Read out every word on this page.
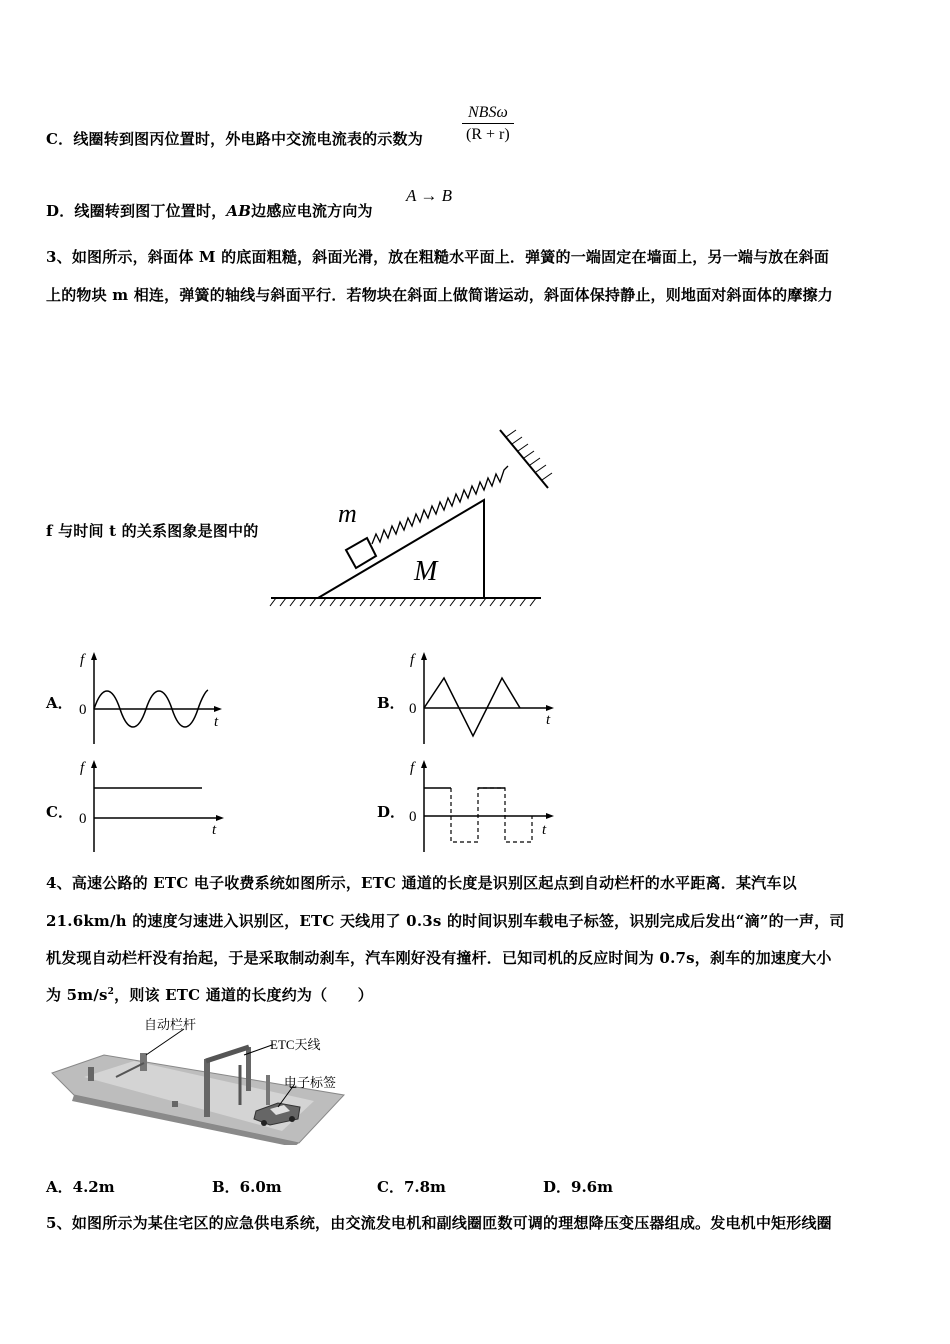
C．线圈转到图丙位置时，外电路中交流电流表的示数为
NBSω
(R + r)
D．线圈转到图丁位置时，AB边感应电流方向为
A → B
3、如图所示，斜面体 M 的底面粗糙，斜面光滑，放在粗糙水平面上．弹簧的一端固定在墙面上，另一端与放在斜面
上的物块 m 相连，弹簧的轴线与斜面平行．若物块在斜面上做简谐运动，斜面体保持静止，则地面对斜面体的摩擦力
f 与时间 t 的关系图象是图中的
m
M
A．
f
0
t
B．
f
0
t
C．
f
0
t
D．
f
0
t
4、高速公路的 ETC 电子收费系统如图所示，ETC 通道的长度是识别区起点到自动栏杆的水平距离．某汽车以
21.6km/h 的速度匀速进入识别区，ETC 天线用了 0.3s 的时间识别车载电子标签，识别完成后发出“滴”的一声，司
机发现自动栏杆没有抬起，于是采取制动刹车，汽车刚好没有撞杆．已知司机的反应时间为 0.7s，刹车的加速度大小
为 $5m/s^2$，则该 ETC 通道的长度约为（　　）
自动栏杆
ETC天线
电子标签
A．4.2m	B．6.0m	C．7.8m	D．9.6m
5、如图所示为某住宅区的应急供电系统，由交流发电机和副线圈匝数可调的理想降压变压器组成。发电机中矩形线圈
